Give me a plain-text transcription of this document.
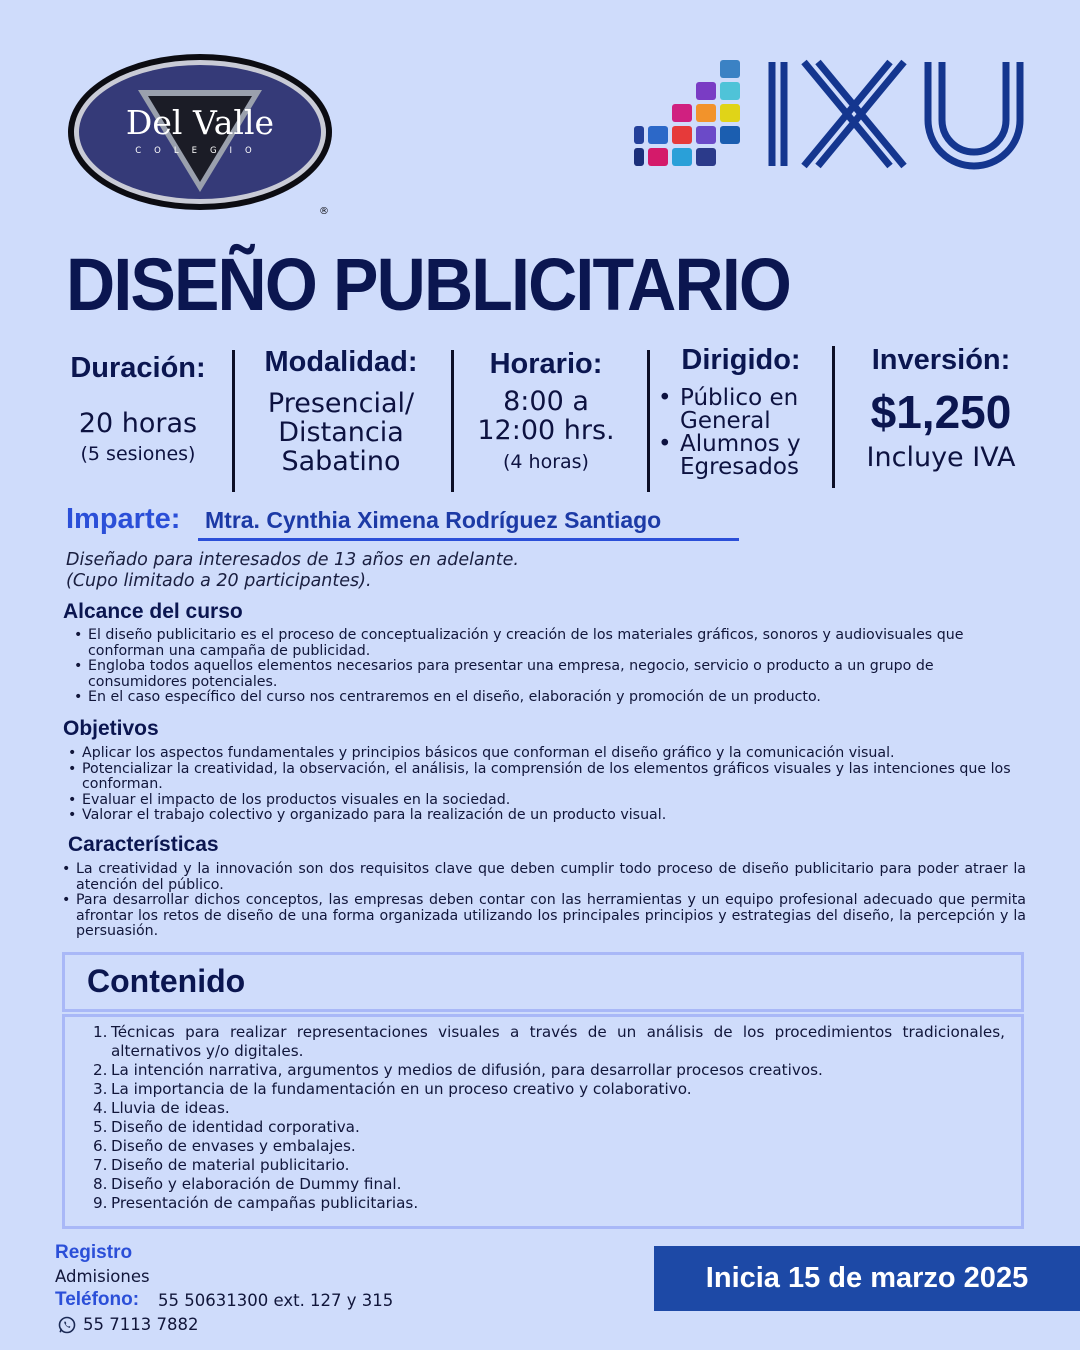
Del Valle
COLEGIO
®
DISEÑO PUBLICITARIO
Duración:
20 horas
(5 sesiones)
Modalidad:
Presencial/
Distancia
Sabatino
Horario:
8:00 a
12:00 hrs.
(4 horas)
Dirigido:
• Público en General
• Alumnos y Egresados
Inversión:
$1,250
Incluye IVA
Imparte: Mtra. Cynthia Ximena Rodríguez Santiago
Diseñado para interesados de 13 años en adelante.
(Cupo limitado a 20 participantes).
Alcance del curso
• El diseño publicitario es el proceso de conceptualización y creación de los materiales gráficos, sonoros y audiovisuales que conforman una campaña de publicidad.
• Engloba todos aquellos elementos necesarios para presentar una empresa, negocio, servicio o producto a un grupo de consumidores potenciales.
• En el caso específico del curso nos centraremos en el diseño, elaboración y promoción de un producto.
Objetivos
• Aplicar los aspectos fundamentales y principios básicos que conforman el diseño gráfico y la comunicación visual.
• Potencializar la creatividad, la observación, el análisis, la comprensión de los elementos gráficos visuales y las intenciones que los conforman.
• Evaluar el impacto de los productos visuales en la sociedad.
• Valorar el trabajo colectivo y organizado para la realización de un producto visual.
Características
• La creatividad y la innovación son dos requisitos clave que deben cumplir todo proceso de diseño publicitario para poder atraer la atención del público.
• Para desarrollar dichos conceptos, las empresas deben contar con las herramientas y un equipo profesional adecuado que permita afrontar los retos de diseño de una forma organizada utilizando los principales principios y estrategias del diseño, la percepción y la persuasión.
Contenido
1. Técnicas para realizar representaciones visuales a través de un análisis de los procedimientos tradicionales, alternativos y/o digitales.
2. La intención narrativa, argumentos y medios de difusión, para desarrollar procesos creativos.
3. La importancia de la fundamentación en un proceso creativo y colaborativo.
4. Lluvia de ideas.
5. Diseño de identidad corporativa.
6. Diseño de envases y embalajes.
7. Diseño de material publicitario.
8. Diseño y elaboración de Dummy final.
9. Presentación de campañas publicitarias.
Registro
Admisiones
Teléfono: 55 50631300 ext. 127 y 315
55 7113 7882
Inicia 15 de marzo 2025
